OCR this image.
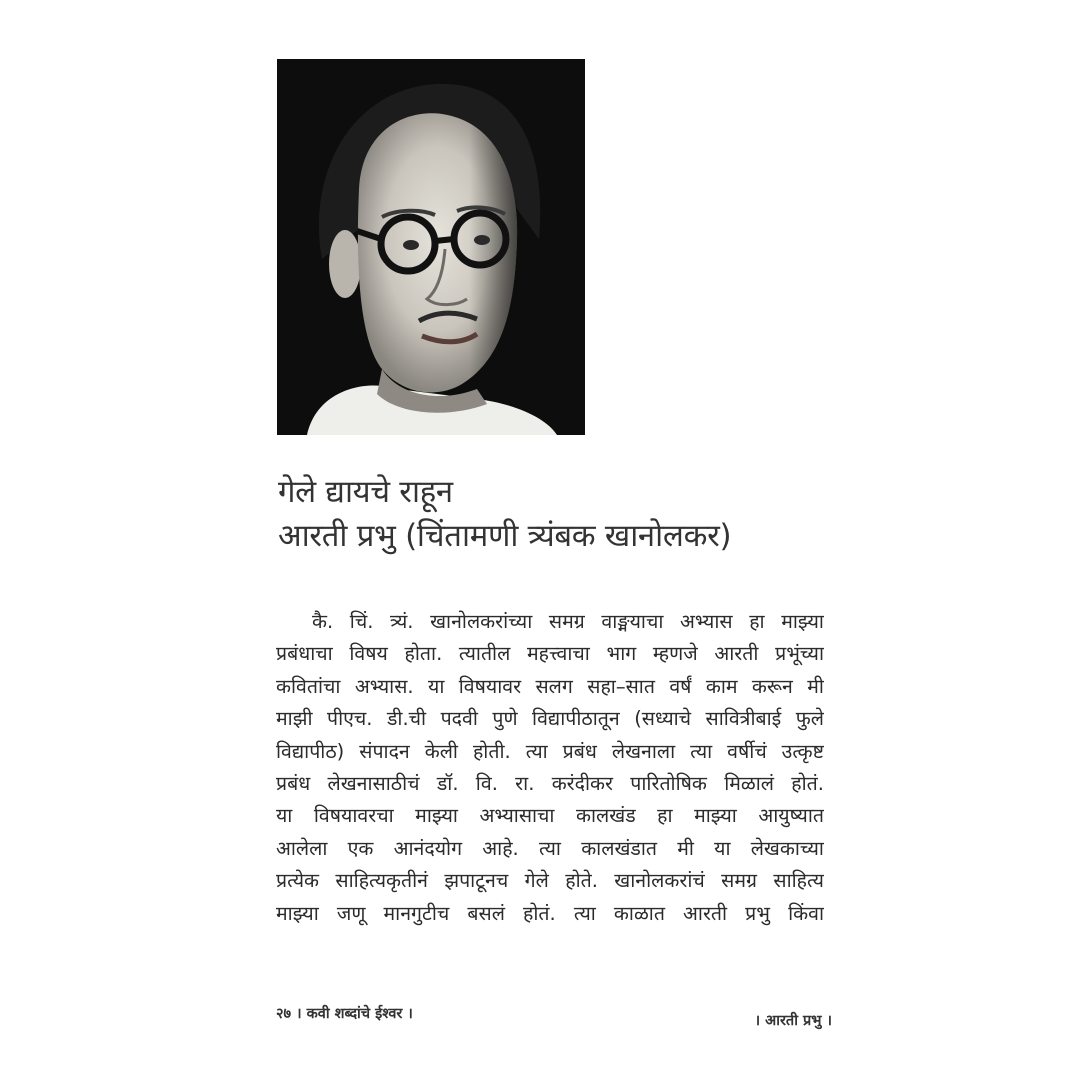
गेले द्यायचे राहून
आरती प्रभु (चिंतामणी त्र्यंबक खानोलकर)
कै. चिं. त्र्यं. खानोलकरांच्या समग्र वाङ्मयाचा अभ्यास हा माझ्या
प्रबंधाचा विषय होता. त्यातील महत्त्वाचा भाग म्हणजे आरती प्रभूंच्या
कवितांचा अभ्यास. या विषयावर सलग सहा–सात वर्षं काम करून मी
माझी पीएच. डी.ची पदवी पुणे विद्यापीठातून (सध्याचे सावित्रीबाई फुले
विद्यापीठ) संपादन केली होती. त्या प्रबंध लेखनाला त्या वर्षीचं उत्कृष्ट
प्रबंध लेखनासाठीचं डॉ. वि. रा. करंदीकर पारितोषिक मिळालं होतं.
या विषयावरचा माझ्या अभ्यासाचा कालखंड हा माझ्या आयुष्यात
आलेला एक आनंदयोग आहे. त्या कालखंडात मी या लेखकाच्या
प्रत्येक साहित्यकृतीनं झपाटूनच गेले होते. खानोलकरांचं समग्र साहित्य
माझ्या जणू मानगुटीच बसलं होतं. त्या काळात आरती प्रभु किंवा
२७ । कवी शब्दांचे ईश्वर ।	। आरती प्रभु ।
